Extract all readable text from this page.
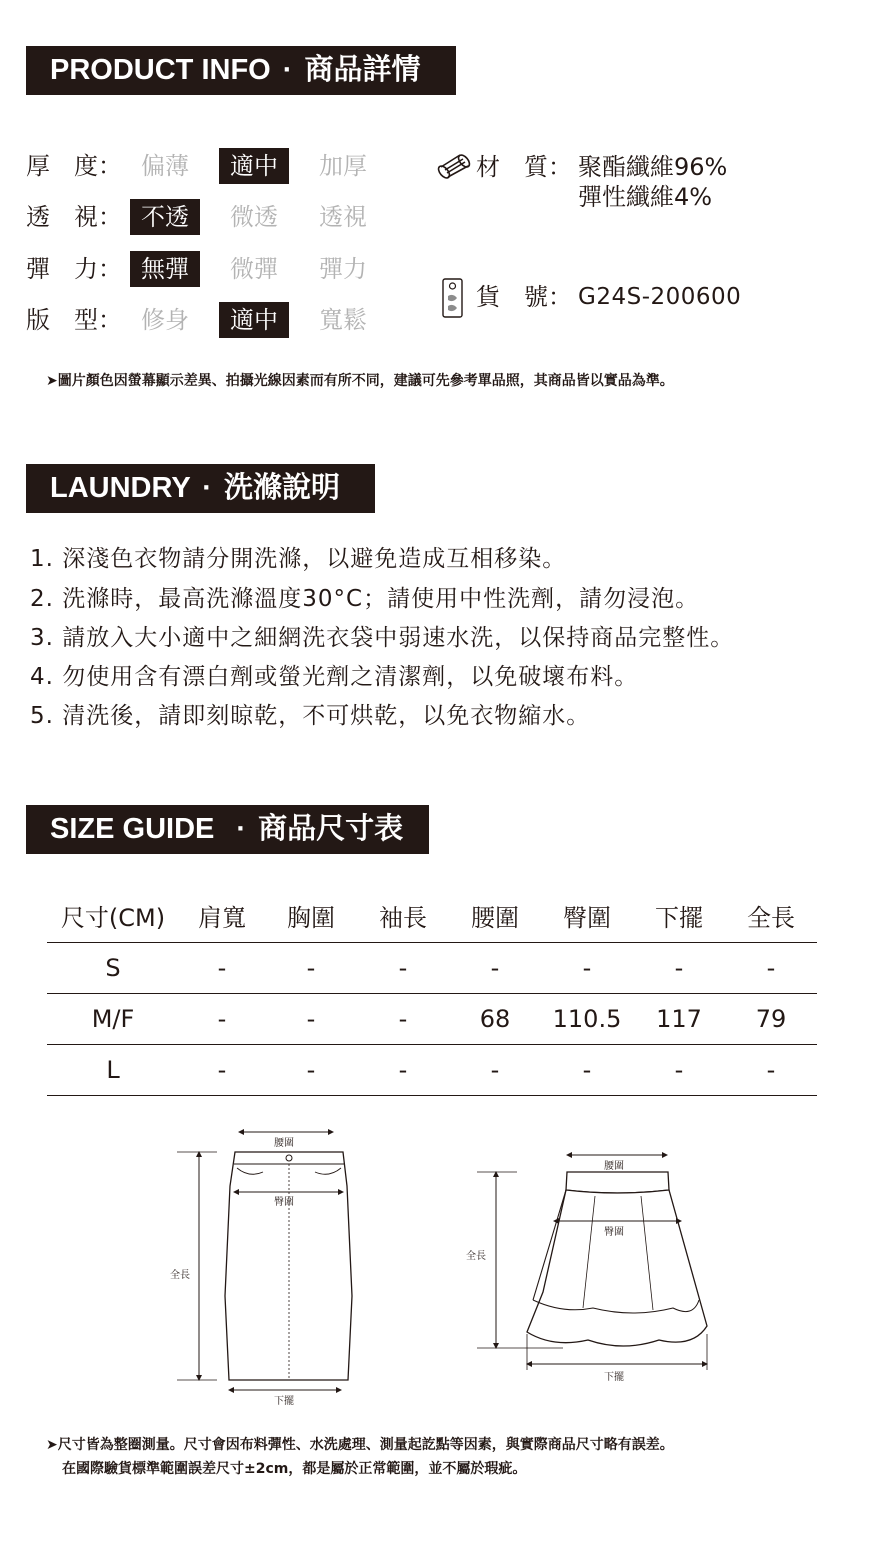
PRODUCT INFO · 商品詳情
厚 度： 偏薄	適中	加厚
透 視： 不透	微透	透視
彈 力： 無彈	微彈	彈力
版 型： 修身	適中	寬鬆
材　質： 聚酯纖維96%
彈性纖維4%
貨　號： G24S-200600
➤圖片顏色因螢幕顯示差異、拍攝光線因素而有所不同，建議可先參考單品照，其商品皆以實品為準。
LAUNDRY · 洗滌說明
1. 深淺色衣物請分開洗滌，以避免造成互相移染。
2. 洗滌時，最高洗滌溫度30°C；請使用中性洗劑，請勿浸泡。
3. 請放入大小適中之細網洗衣袋中弱速水洗，以保持商品完整性。
4. 勿使用含有漂白劑或螢光劑之清潔劑，以免破壞布料。
5. 清洗後，請即刻晾乾，不可烘乾，以免衣物縮水。
SIZE GUIDE · 商品尺寸表
尺寸(CM)	肩寬	胸圍	袖長	腰圍	臀圍	下擺	全長
S	-	-	-	-	-	-	-
M/F	-	-	-	68	110.5	117	79
L	-	-	-	-	-	-	-
腰圍
臀圍
全長
下擺
腰圍
臀圍
全長
下擺
➤尺寸皆為整圈測量。尺寸會因布料彈性、水洗處理、測量起訖點等因素，與實際商品尺寸略有誤差。
在國際驗貨標準範圍誤差尺寸±2cm，都是屬於正常範圍，並不屬於瑕疵。
